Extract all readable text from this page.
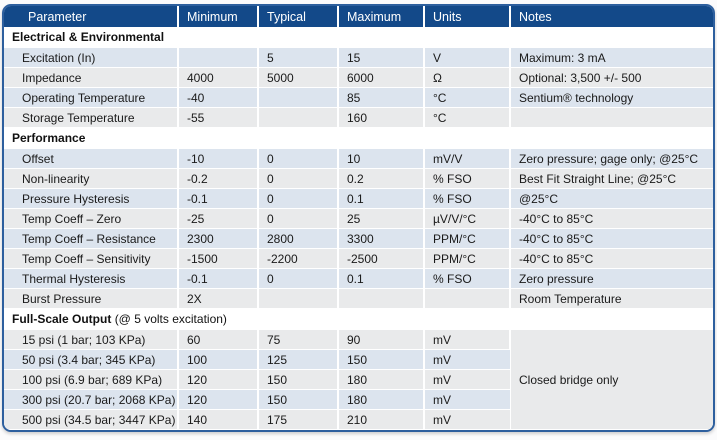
Parameter	Minimum	Typical	Maximum	Units	Notes
Electrical & Environmental					
Excitation (In)		5	15	V	Maximum: 3 mA
Impedance	4000	5000	6000	Ω	Optional: 3,500 +/- 500
Operating Temperature	-40		85	°C	Sentium® technology
Storage Temperature	-55		160	°C	
Performance					
Offset	-10	0	10	mV/V	Zero pressure; gage only; @25°C
Non-linearity	-0.2	0	0.2	% FSO	Best Fit Straight Line; @25°C
Pressure Hysteresis	-0.1	0	0.1	% FSO	@25°C
Temp Coeff – Zero	-25	0	25	µV/V/°C	-40°C to 85°C
Temp Coeff – Resistance	2300	2800	3300	PPM/°C	-40°C to 85°C
Temp Coeff – Sensitivity	-1500	-2200	-2500	PPM/°C	-40°C to 85°C
Thermal Hysteresis	-0.1	0	0.1	% FSO	Zero pressure
Burst Pressure	2X				Room Temperature
Full-Scale Output (@ 5 volts excitation)					
15 psi (1 bar; 103 KPa)	60	75	90	mV	Closed bridge only
50 psi (3.4 bar; 345 KPa)	100	125	150	mV	
100 psi (6.9 bar; 689 KPa)	120	150	180	mV	
300 psi (20.7 bar; 2068 KPa)	120	150	180	mV	
500 psi (34.5 bar; 3447 KPa)	140	175	210	mV	
